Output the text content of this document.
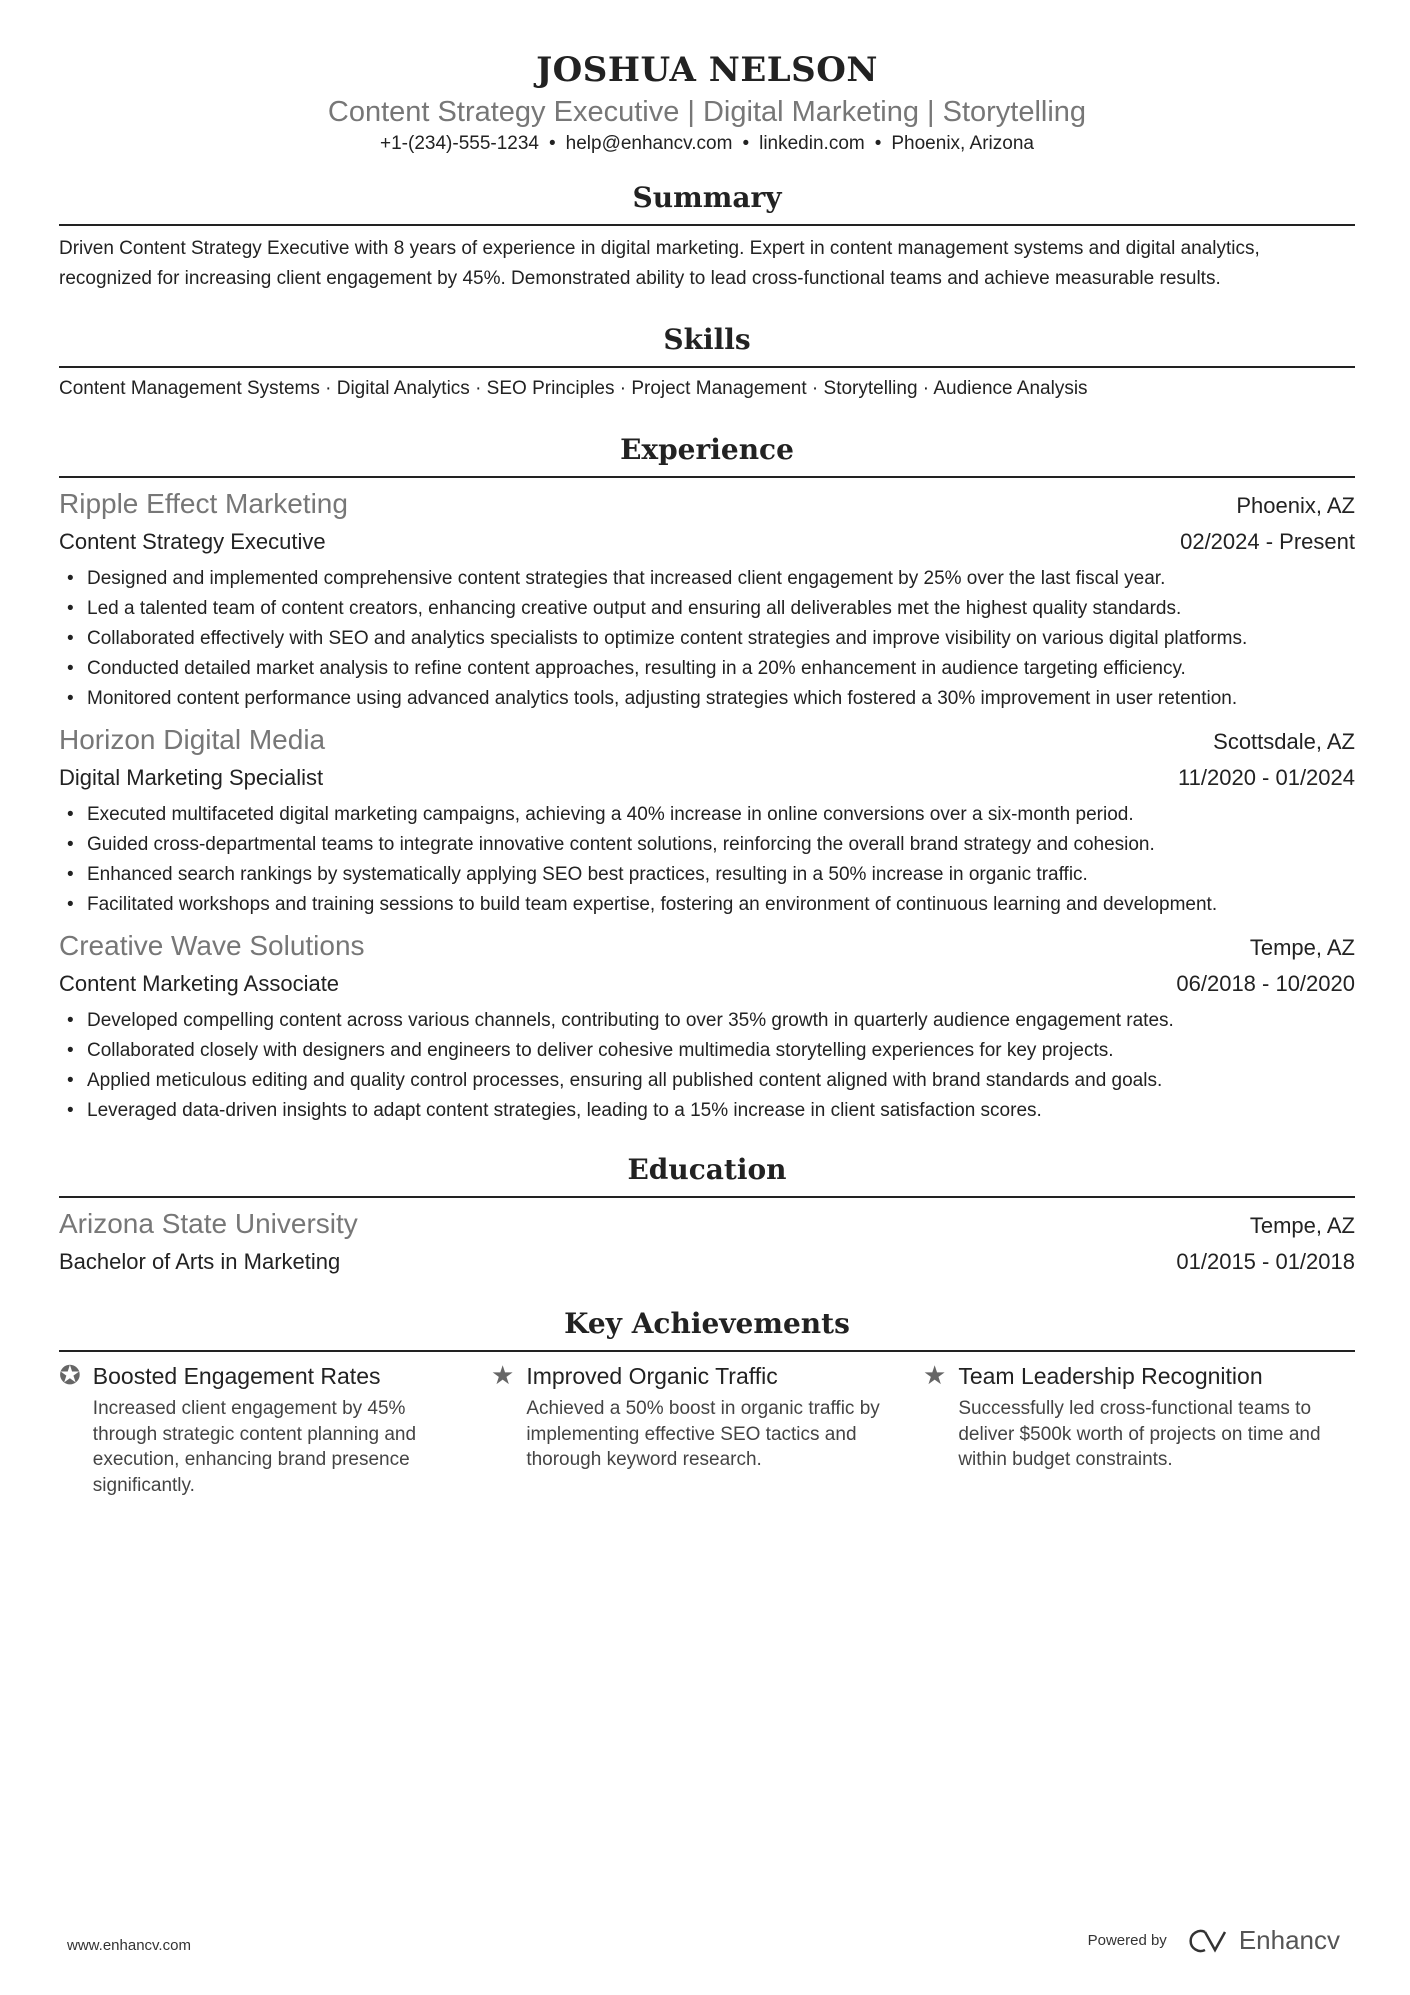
JOSHUA NELSON
Content Strategy Executive | Digital Marketing | Storytelling
+1-(234)-555-1234 • help@enhancv.com • linkedin.com • Phoenix, Arizona
Summary
Driven Content Strategy Executive with 8 years of experience in digital marketing. Expert in content management systems and digital analytics, recognized for increasing client engagement by 45%. Demonstrated ability to lead cross-functional teams and achieve measurable results.
Skills
Content Management Systems · Digital Analytics · SEO Principles · Project Management · Storytelling · Audience Analysis
Experience
Ripple Effect Marketing	Phoenix, AZ
Content Strategy Executive	02/2024 - Present
• Designed and implemented comprehensive content strategies that increased client engagement by 25% over the last fiscal year.
• Led a talented team of content creators, enhancing creative output and ensuring all deliverables met the highest quality standards.
• Collaborated effectively with SEO and analytics specialists to optimize content strategies and improve visibility on various digital platforms.
• Conducted detailed market analysis to refine content approaches, resulting in a 20% enhancement in audience targeting efficiency.
• Monitored content performance using advanced analytics tools, adjusting strategies which fostered a 30% improvement in user retention.
Horizon Digital Media	Scottsdale, AZ
Digital Marketing Specialist	11/2020 - 01/2024
• Executed multifaceted digital marketing campaigns, achieving a 40% increase in online conversions over a six-month period.
• Guided cross-departmental teams to integrate innovative content solutions, reinforcing the overall brand strategy and cohesion.
• Enhanced search rankings by systematically applying SEO best practices, resulting in a 50% increase in organic traffic.
• Facilitated workshops and training sessions to build team expertise, fostering an environment of continuous learning and development.
Creative Wave Solutions	Tempe, AZ
Content Marketing Associate	06/2018 - 10/2020
• Developed compelling content across various channels, contributing to over 35% growth in quarterly audience engagement rates.
• Collaborated closely with designers and engineers to deliver cohesive multimedia storytelling experiences for key projects.
• Applied meticulous editing and quality control processes, ensuring all published content aligned with brand standards and goals.
• Leveraged data-driven insights to adapt content strategies, leading to a 15% increase in client satisfaction scores.
Education
Arizona State University	Tempe, AZ
Bachelor of Arts in Marketing	01/2015 - 01/2018
Key Achievements
✪ Boosted Engagement Rates
Increased client engagement by 45% through strategic content planning and execution, enhancing brand presence significantly.
★ Improved Organic Traffic
Achieved a 50% boost in organic traffic by implementing effective SEO tactics and thorough keyword research.
★ Team Leadership Recognition
Successfully led cross-functional teams to deliver $500k worth of projects on time and within budget constraints.
www.enhancv.com	Powered by	Enhancv
